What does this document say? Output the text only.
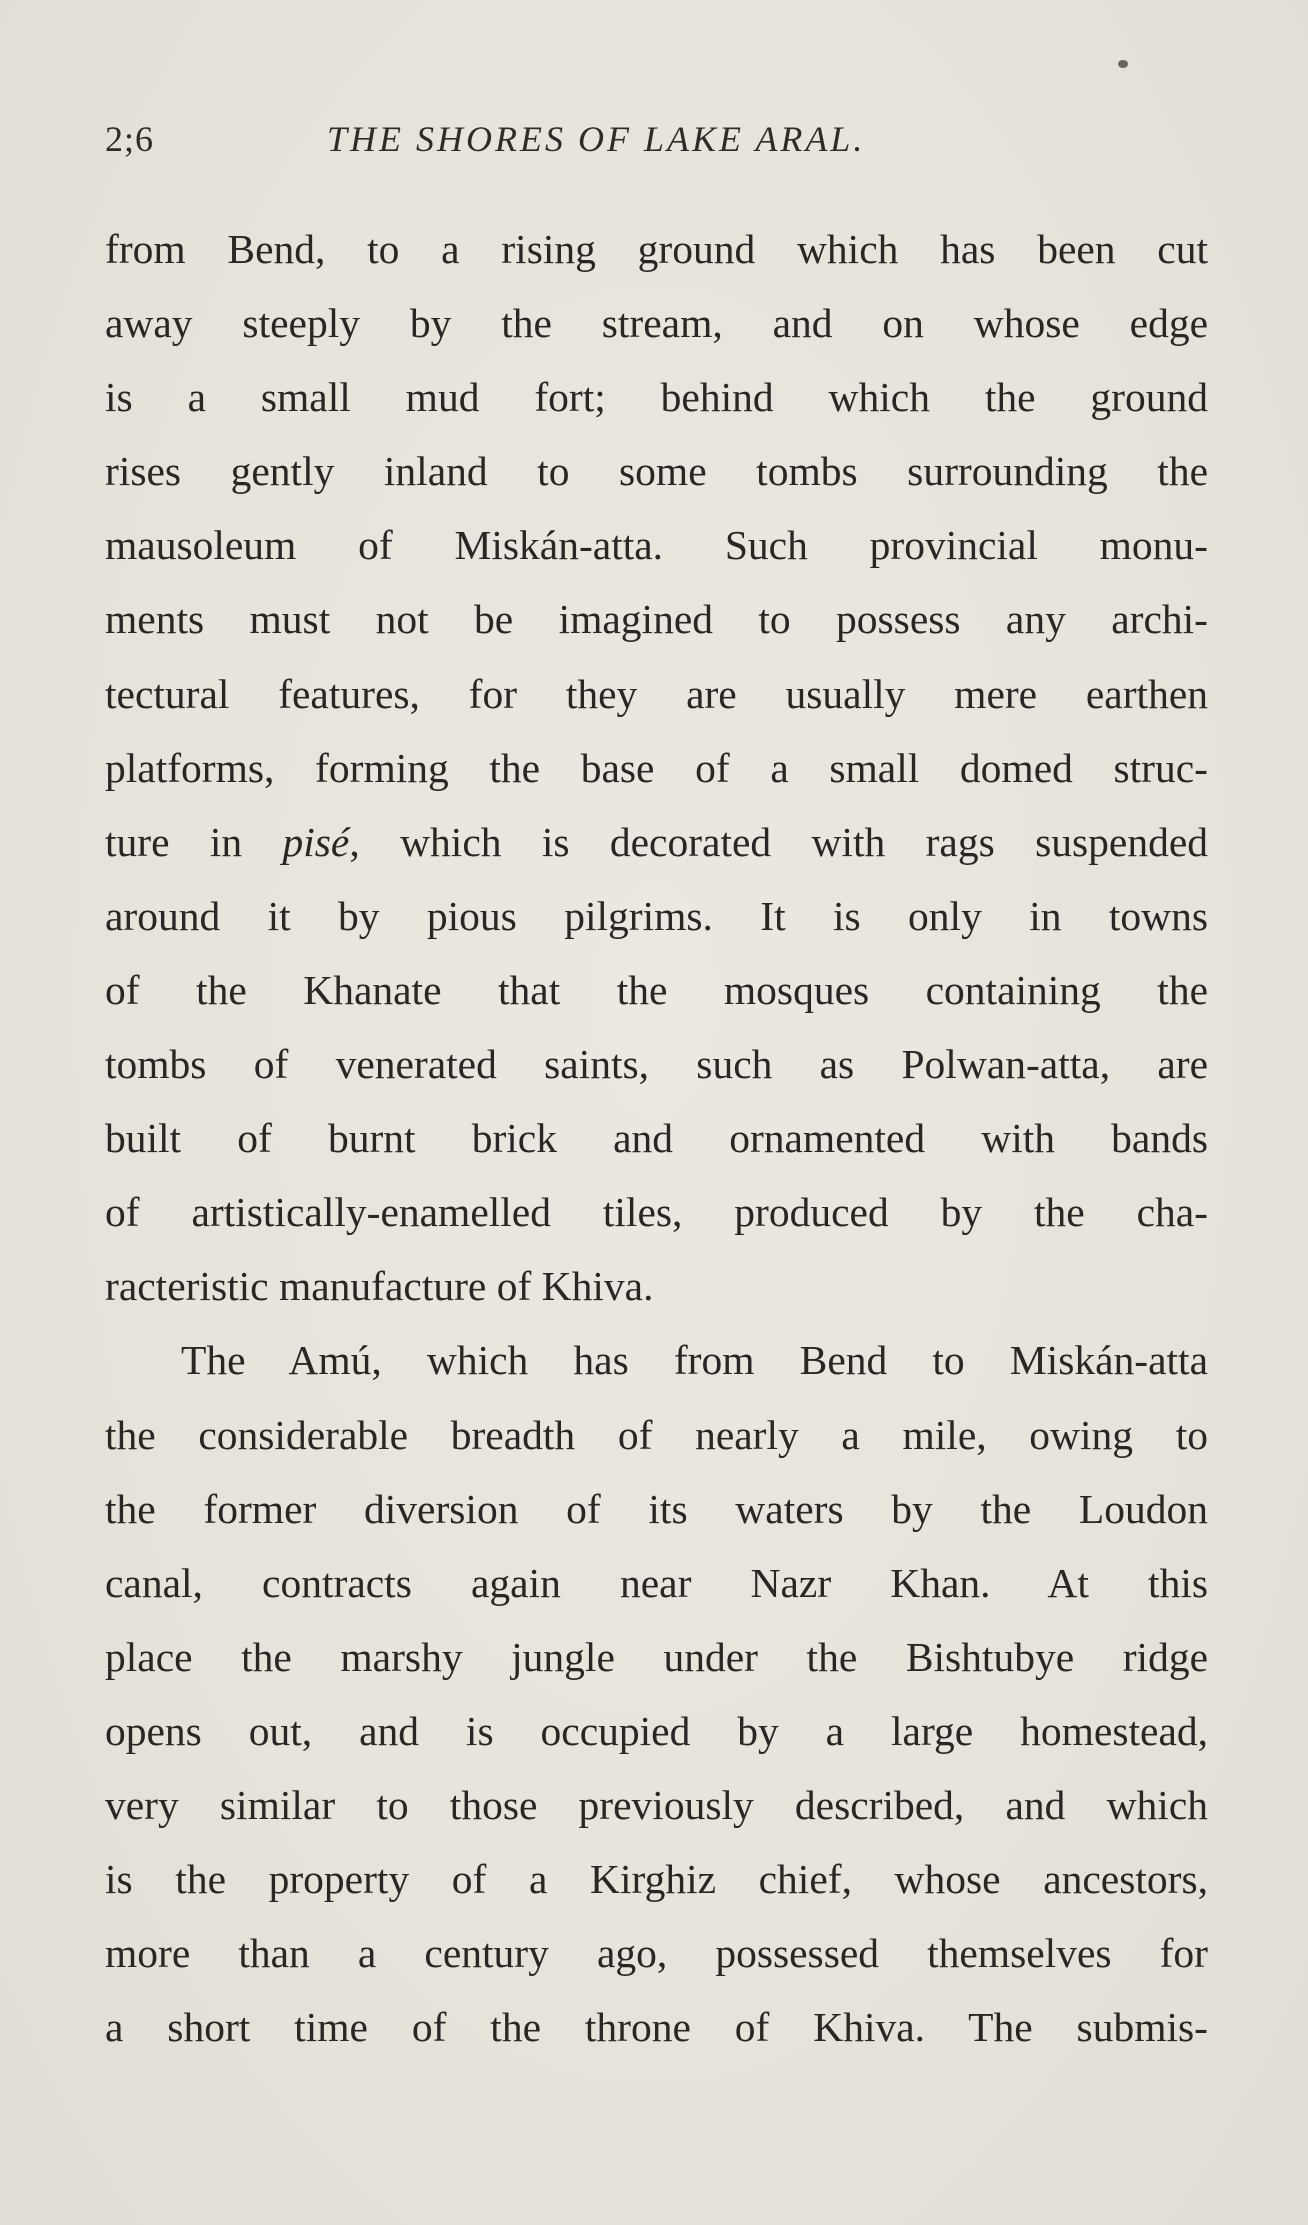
2;6	THE SHORES OF LAKE ARAL.
from Bend, to a rising ground which has been cut
away steeply by the stream, and on whose edge
is a small mud fort; behind which the ground
rises gently inland to some tombs surrounding the
mausoleum of Miskán-atta. Such provincial monu-
ments must not be imagined to possess any archi-
tectural features, for they are usually mere earthen
platforms, forming the base of a small domed struc-
ture in pisé, which is decorated with rags suspended
around it by pious pilgrims. It is only in towns
of the Khanate that the mosques containing the
tombs of venerated saints, such as Polwan-atta, are
built of burnt brick and ornamented with bands
of artistically-enamelled tiles, produced by the cha-
racteristic manufacture of Khiva.
The Amú, which has from Bend to Miskán-atta
the considerable breadth of nearly a mile, owing to
the former diversion of its waters by the Loudon
canal, contracts again near Nazr Khan. At this
place the marshy jungle under the Bishtubye ridge
opens out, and is occupied by a large homestead,
very similar to those previously described, and which
is the property of a Kirghiz chief, whose ancestors,
more than a century ago, possessed themselves for
a short time of the throne of Khiva. The submis-
